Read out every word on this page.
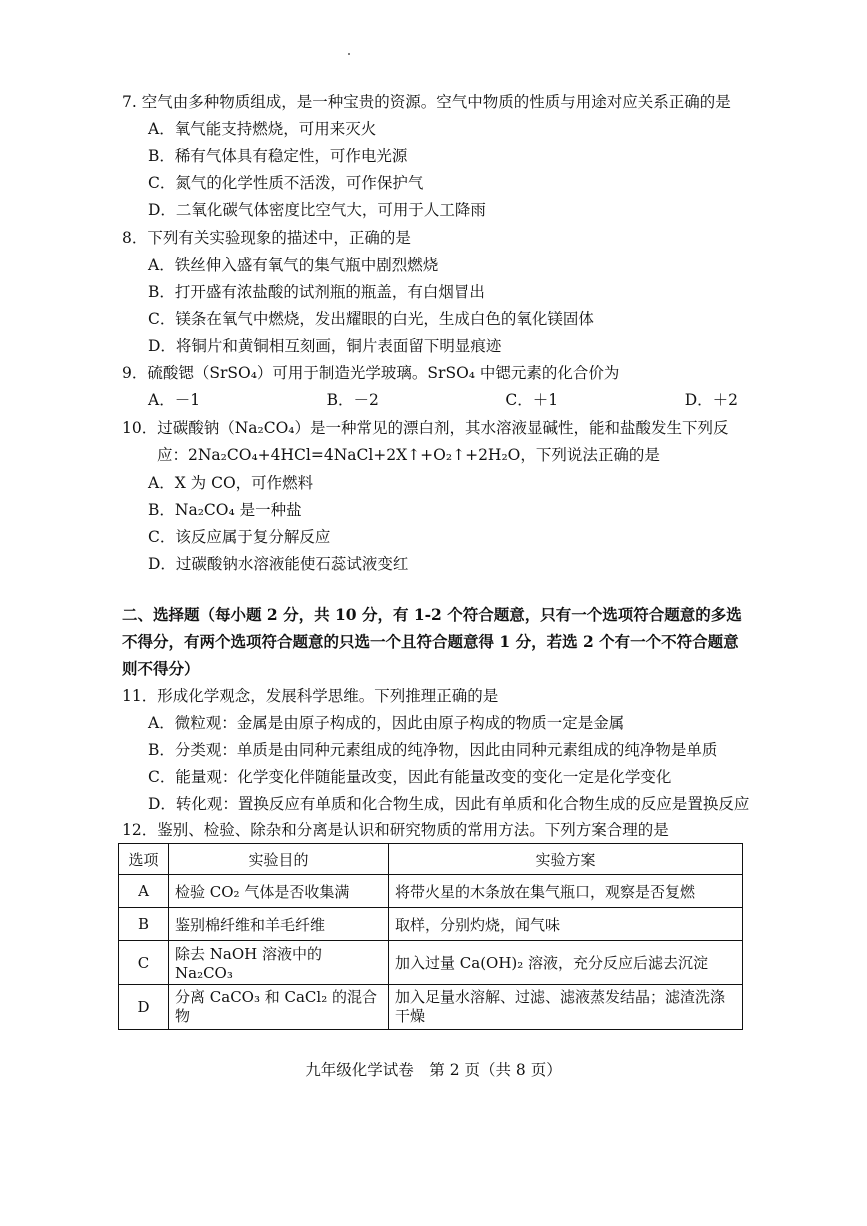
7. 空气由多种物质组成，是一种宝贵的资源。空气中物质的性质与用途对应关系正确的是
A．氧气能支持燃烧，可用来灭火
B．稀有气体具有稳定性，可作电光源
C．氮气的化学性质不活泼，可作保护气
D．二氧化碳气体密度比空气大，可用于人工降雨
8．下列有关实验现象的描述中，正确的是
A．铁丝伸入盛有氧气的集气瓶中剧烈燃烧
B．打开盛有浓盐酸的试剂瓶的瓶盖，有白烟冒出
C．镁条在氧气中燃烧，发出耀眼的白光，生成白色的氧化镁固体
D．将铜片和黄铜相互刻画，铜片表面留下明显痕迹
9．硫酸锶（SrSO₄）可用于制造光学玻璃。SrSO₄ 中锶元素的化合价为
A．－1	B．－2	C．＋1	D．＋2
10．过碳酸钠（Na₂CO₄）是一种常见的漂白剂，其水溶液显碱性，能和盐酸发生下列反
应：2Na₂CO₄+4HCl=4NaCl+2X↑+O₂↑+2H₂O，下列说法正确的是
A．X 为 CO，可作燃料
B．Na₂CO₄ 是一种盐
C．该反应属于复分解反应
D．过碳酸钠水溶液能使石蕊试液变红
二、选择题（每小题 2 分，共 10 分，有 1-2 个符合题意，只有一个选项符合题意的多选
不得分，有两个选项符合题意的只选一个且符合题意得 1 分，若选 2 个有一个不符合题意
则不得分）
11．形成化学观念，发展科学思维。下列推理正确的是
A．微粒观：金属是由原子构成的，因此由原子构成的物质一定是金属
B．分类观：单质是由同种元素组成的纯净物，因此由同种元素组成的纯净物是单质
C．能量观：化学变化伴随能量改变，因此有能量改变的变化一定是化学变化
D．转化观：置换反应有单质和化合物生成，因此有单质和化合物生成的反应是置换反应
12．鉴别、检验、除杂和分离是认识和研究物质的常用方法。下列方案合理的是
选项	实验目的	实验方案
A	检验 CO₂ 气体是否收集满	将带火星的木条放在集气瓶口，观察是否复燃
B	鉴别棉纤维和羊毛纤维	取样，分别灼烧，闻气味
C	除去 NaOH 溶液中的 Na₂CO₃	加入过量 Ca(OH)₂ 溶液，充分反应后滤去沉淀
D	分离 CaCO₃ 和 CaCl₂ 的混合物	加入足量水溶解、过滤、滤液蒸发结晶；滤渣洗涤干燥
九年级化学试卷　第 2 页（共 8 页）
